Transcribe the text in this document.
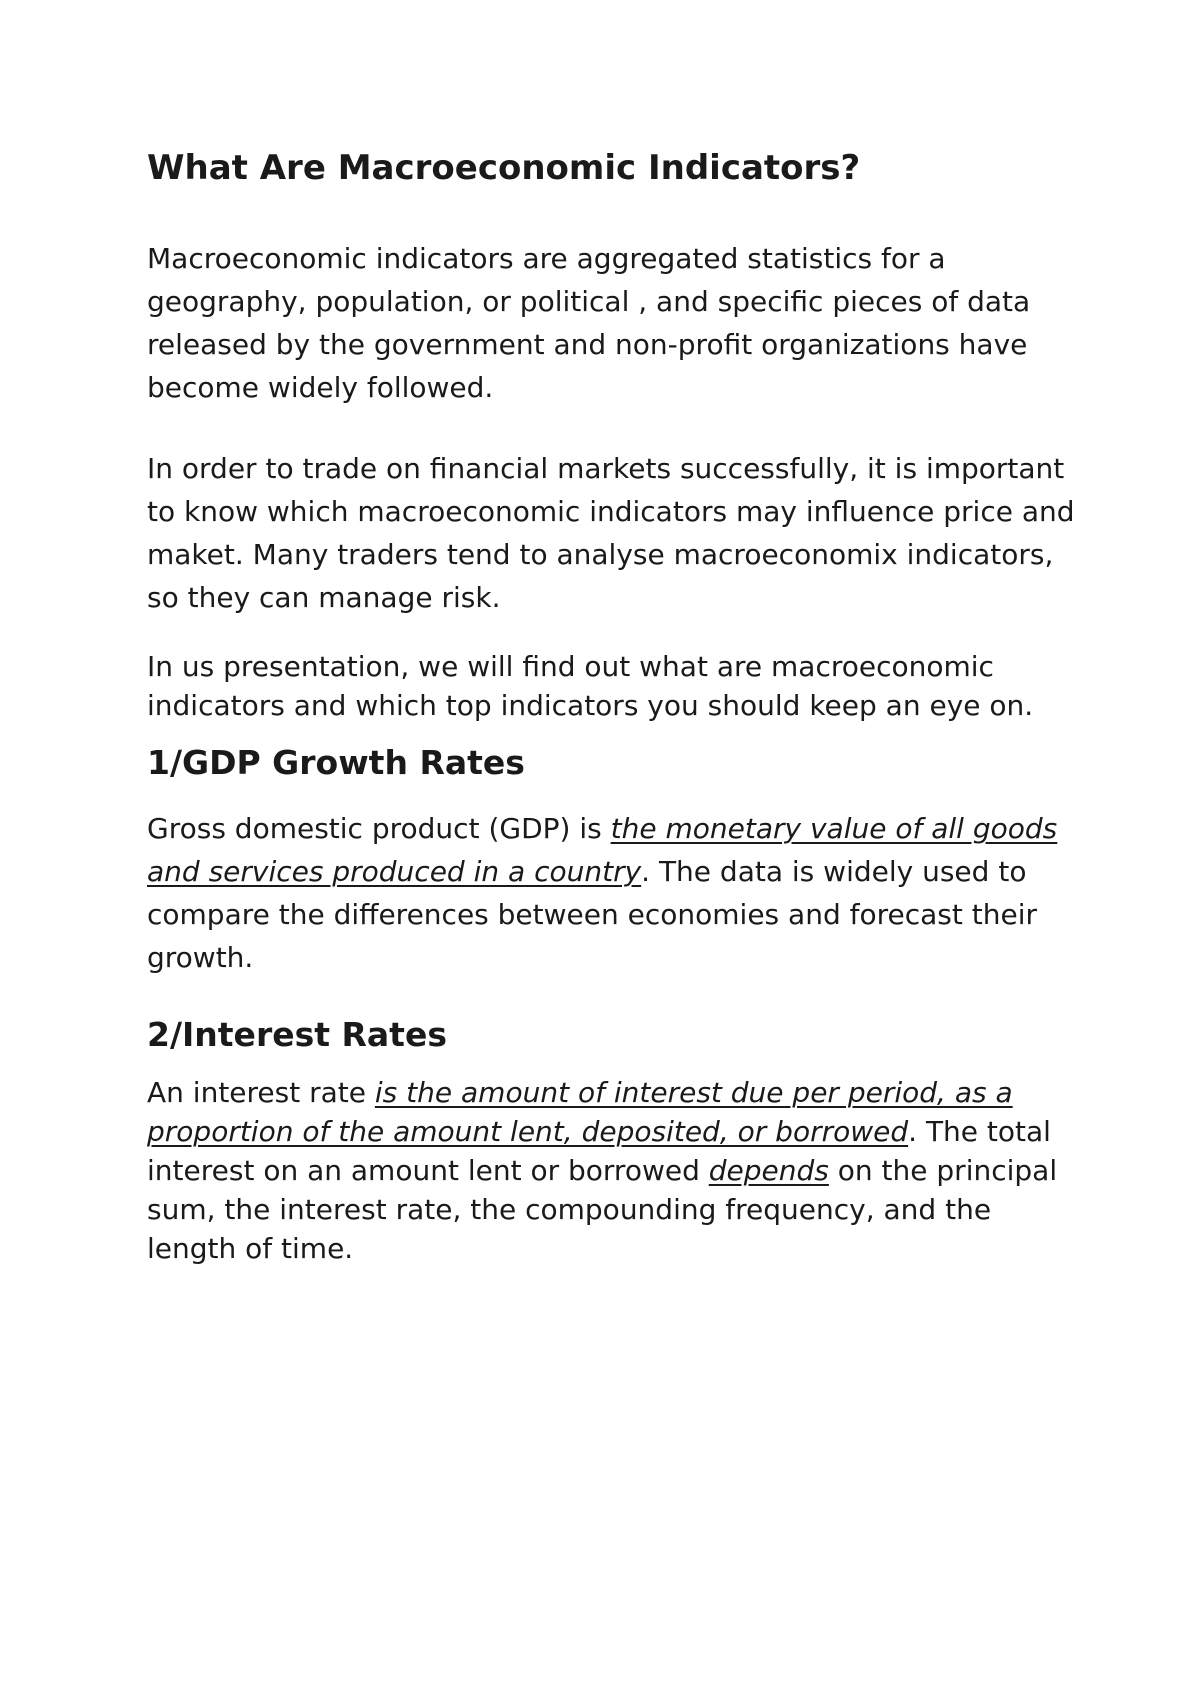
What Are Macroeconomic Indicators?

Macroeconomic indicators are aggregated statistics for a geography, population, or political , and specific pieces of data released by the government and non-profit organizations have become widely followed.

In order to trade on financial markets successfully, it is important to know which macroeconomic indicators may influence price and maket. Many traders tend to analyse macroeconomix indicators, so they can manage risk.

In us presentation, we will find out what are macroeconomic indicators and which top indicators you should keep an eye on.

1/GDP Growth Rates

Gross domestic product (GDP) is the monetary value of all goods and services produced in a country. The data is widely used to compare the differences between economies and forecast their growth.

2/Interest Rates

An interest rate is the amount of interest due per period, as a proportion of the amount lent, deposited, or borrowed. The total interest on an amount lent or borrowed depends on the principal sum, the interest rate, the compounding frequency, and the length of time.
